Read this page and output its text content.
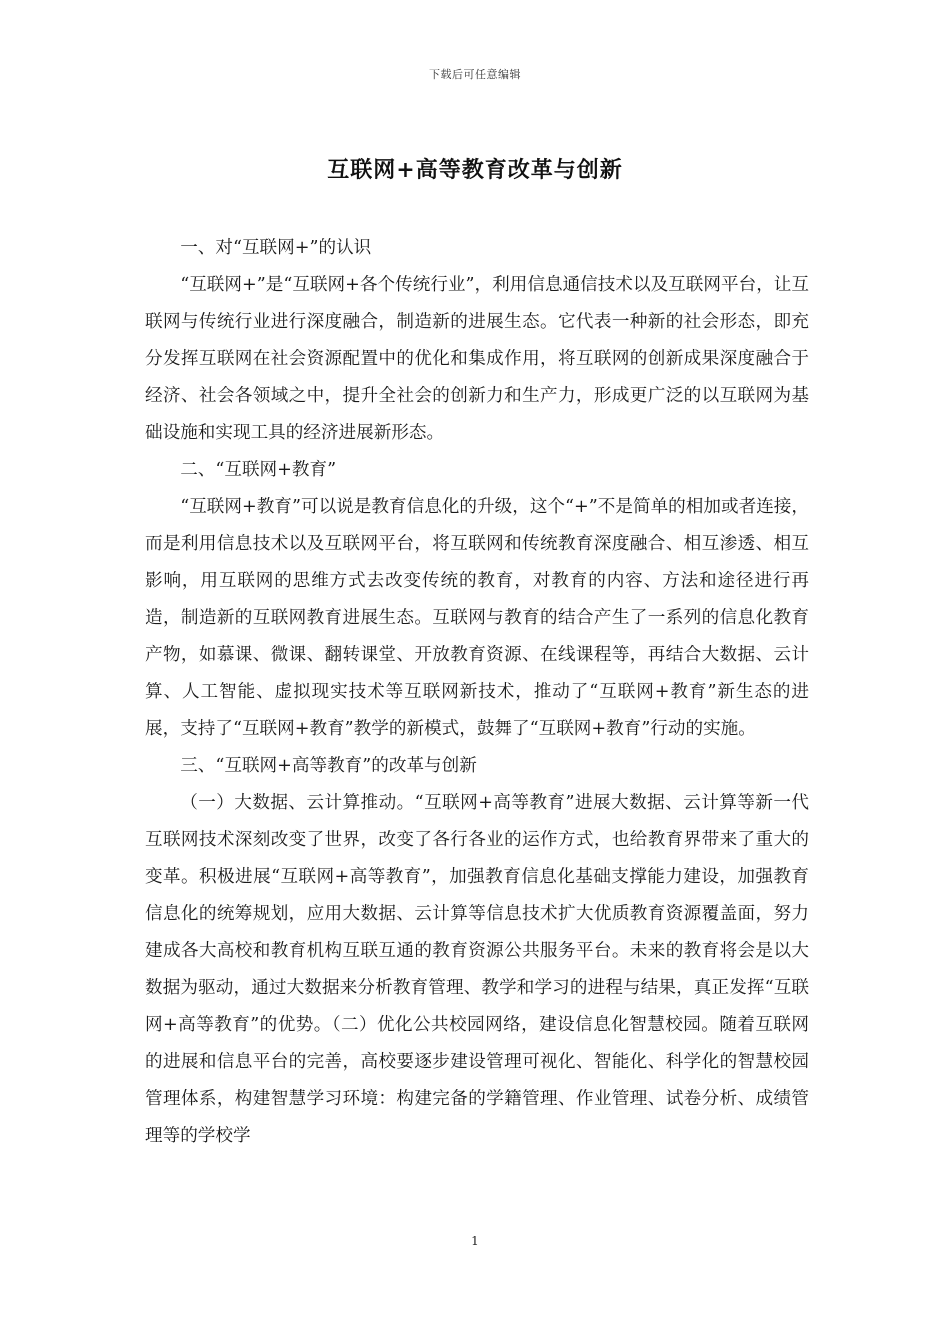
下载后可任意编辑
互联网+高等教育改革与创新

一、对“互联网+”的认识

“互联网+”是“互联网+各个传统行业”，利用信息通信技术以及互联网平台，让互联网与传统行业进行深度融合，制造新的进展生态。它代表一种新的社会形态，即充分发挥互联网在社会资源配置中的优化和集成作用，将互联网的创新成果深度融合于经济、社会各领域之中，提升全社会的创新力和生产力，形成更广泛的以互联网为基础设施和实现工具的经济进展新形态。

二、“互联网+教育”

“互联网+教育”可以说是教育信息化的升级，这个“+”不是简单的相加或者连接，而是利用信息技术以及互联网平台，将互联网和传统教育深度融合、相互渗透、相互影响，用互联网的思维方式去改变传统的教育，对教育的内容、方法和途径进行再造，制造新的互联网教育进展生态。互联网与教育的结合产生了一系列的信息化教育产物，如慕课、微课、翻转课堂、开放教育资源、在线课程等，再结合大数据、云计算、人工智能、虚拟现实技术等互联网新技术，推动了“互联网+教育”新生态的进展，支持了“互联网+教育”教学的新模式，鼓舞了“互联网+教育”行动的实施。

三、“互联网+高等教育”的改革与创新

（一）大数据、云计算推动。“互联网+高等教育”进展大数据、云计算等新一代互联网技术深刻改变了世界，改变了各行各业的运作方式，也给教育界带来了重大的变革。积极进展“互联网+高等教育”，加强教育信息化基础支撑能力建设，加强教育信息化的统筹规划，应用大数据、云计算等信息技术扩大优质教育资源覆盖面，努力建成各大高校和教育机构互联互通的教育资源公共服务平台。未来的教育将会是以大数据为驱动，通过大数据来分析教育管理、教学和学习的进程与结果，真正发挥“互联网+高等教育”的优势。（二）优化公共校园网络，建设信息化智慧校园。随着互联网的进展和信息平台的完善，高校要逐步建设管理可视化、智能化、科学化的智慧校园管理体系，构建智慧学习环境：构建完备的学籍管理、作业管理、试卷分析、成绩管理等的学校学

1
